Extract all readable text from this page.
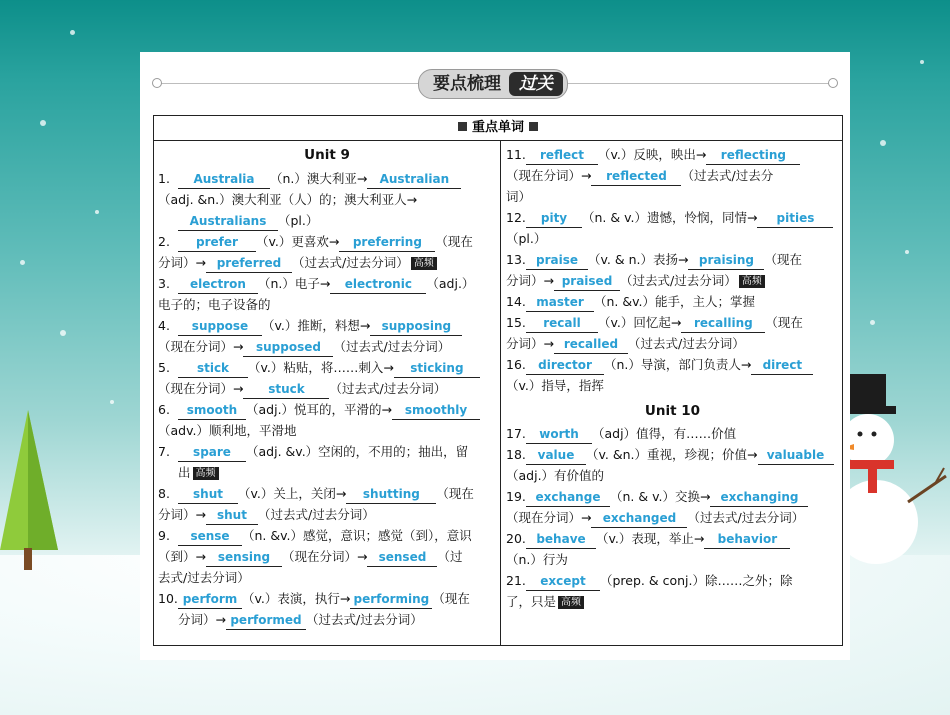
要点梳理	过关
重点单词
Unit 9
1. Australia （n.）澳大利亚→ Australian
（adj. &n.）澳大利亚（人）的；澳大利亚人→
Australians （pl.）
2. prefer （v.）更喜欢→ preferring （现在
分词）→ preferred （过去式/过去分词） 高频
3. electron （n.）电子→ electronic （adj.）
电子的；电子设备的
4. suppose （v.）推断，料想→ supposing
（现在分词）→ supposed （过去式/过去分词）
5. stick （v.）粘贴，将……刺入→ sticking
（现在分词）→ stuck （过去式/过去分词）
6. smooth （adj.）悦耳的，平滑的→ smoothly
（adv.）顺利地，平滑地
7. spare （adj. &v.）空闲的，不用的；抽出，留
出 高频
8. shut （v.）关上，关闭→ shutting （现在
分词）→ shut （过去式/过去分词）
9. sense （n. &v.）感觉，意识；感觉（到），意识
（到）→ sensing （现在分词）→ sensed （过
去式/过去分词）
10. perform （v.）表演，执行→ performing （现在
分词）→ performed （过去式/过去分词）
11. reflect （v.）反映，映出→ reflecting
（现在分词）→ reflected （过去式/过去分
词）
12. pity （n. & v.）遗憾，怜悯，同情→ pities
（pl.）
13. praise （v. & n.）表扬→ praising （现在
分词）→ praised （过去式/过去分词） 高频
14. master （n. &v.）能手，主人；掌握
15. recall （v.）回忆起→ recalling （现在
分词）→ recalled （过去式/过去分词）
16. director （n.）导演，部门负责人→ direct
（v.）指导，指挥
Unit 10
17. worth （adj）值得，有……价值
18. value （v. &n.）重视，珍视；价值→ valuable
（adj.）有价值的
19. exchange （n. & v.）交换→ exchanging
（现在分词）→ exchanged （过去式/过去分词）
20. behave （v.）表现，举止→ behavior
（n.）行为
21. except （prep. & conj.）除……之外；除
了，只是 高频
